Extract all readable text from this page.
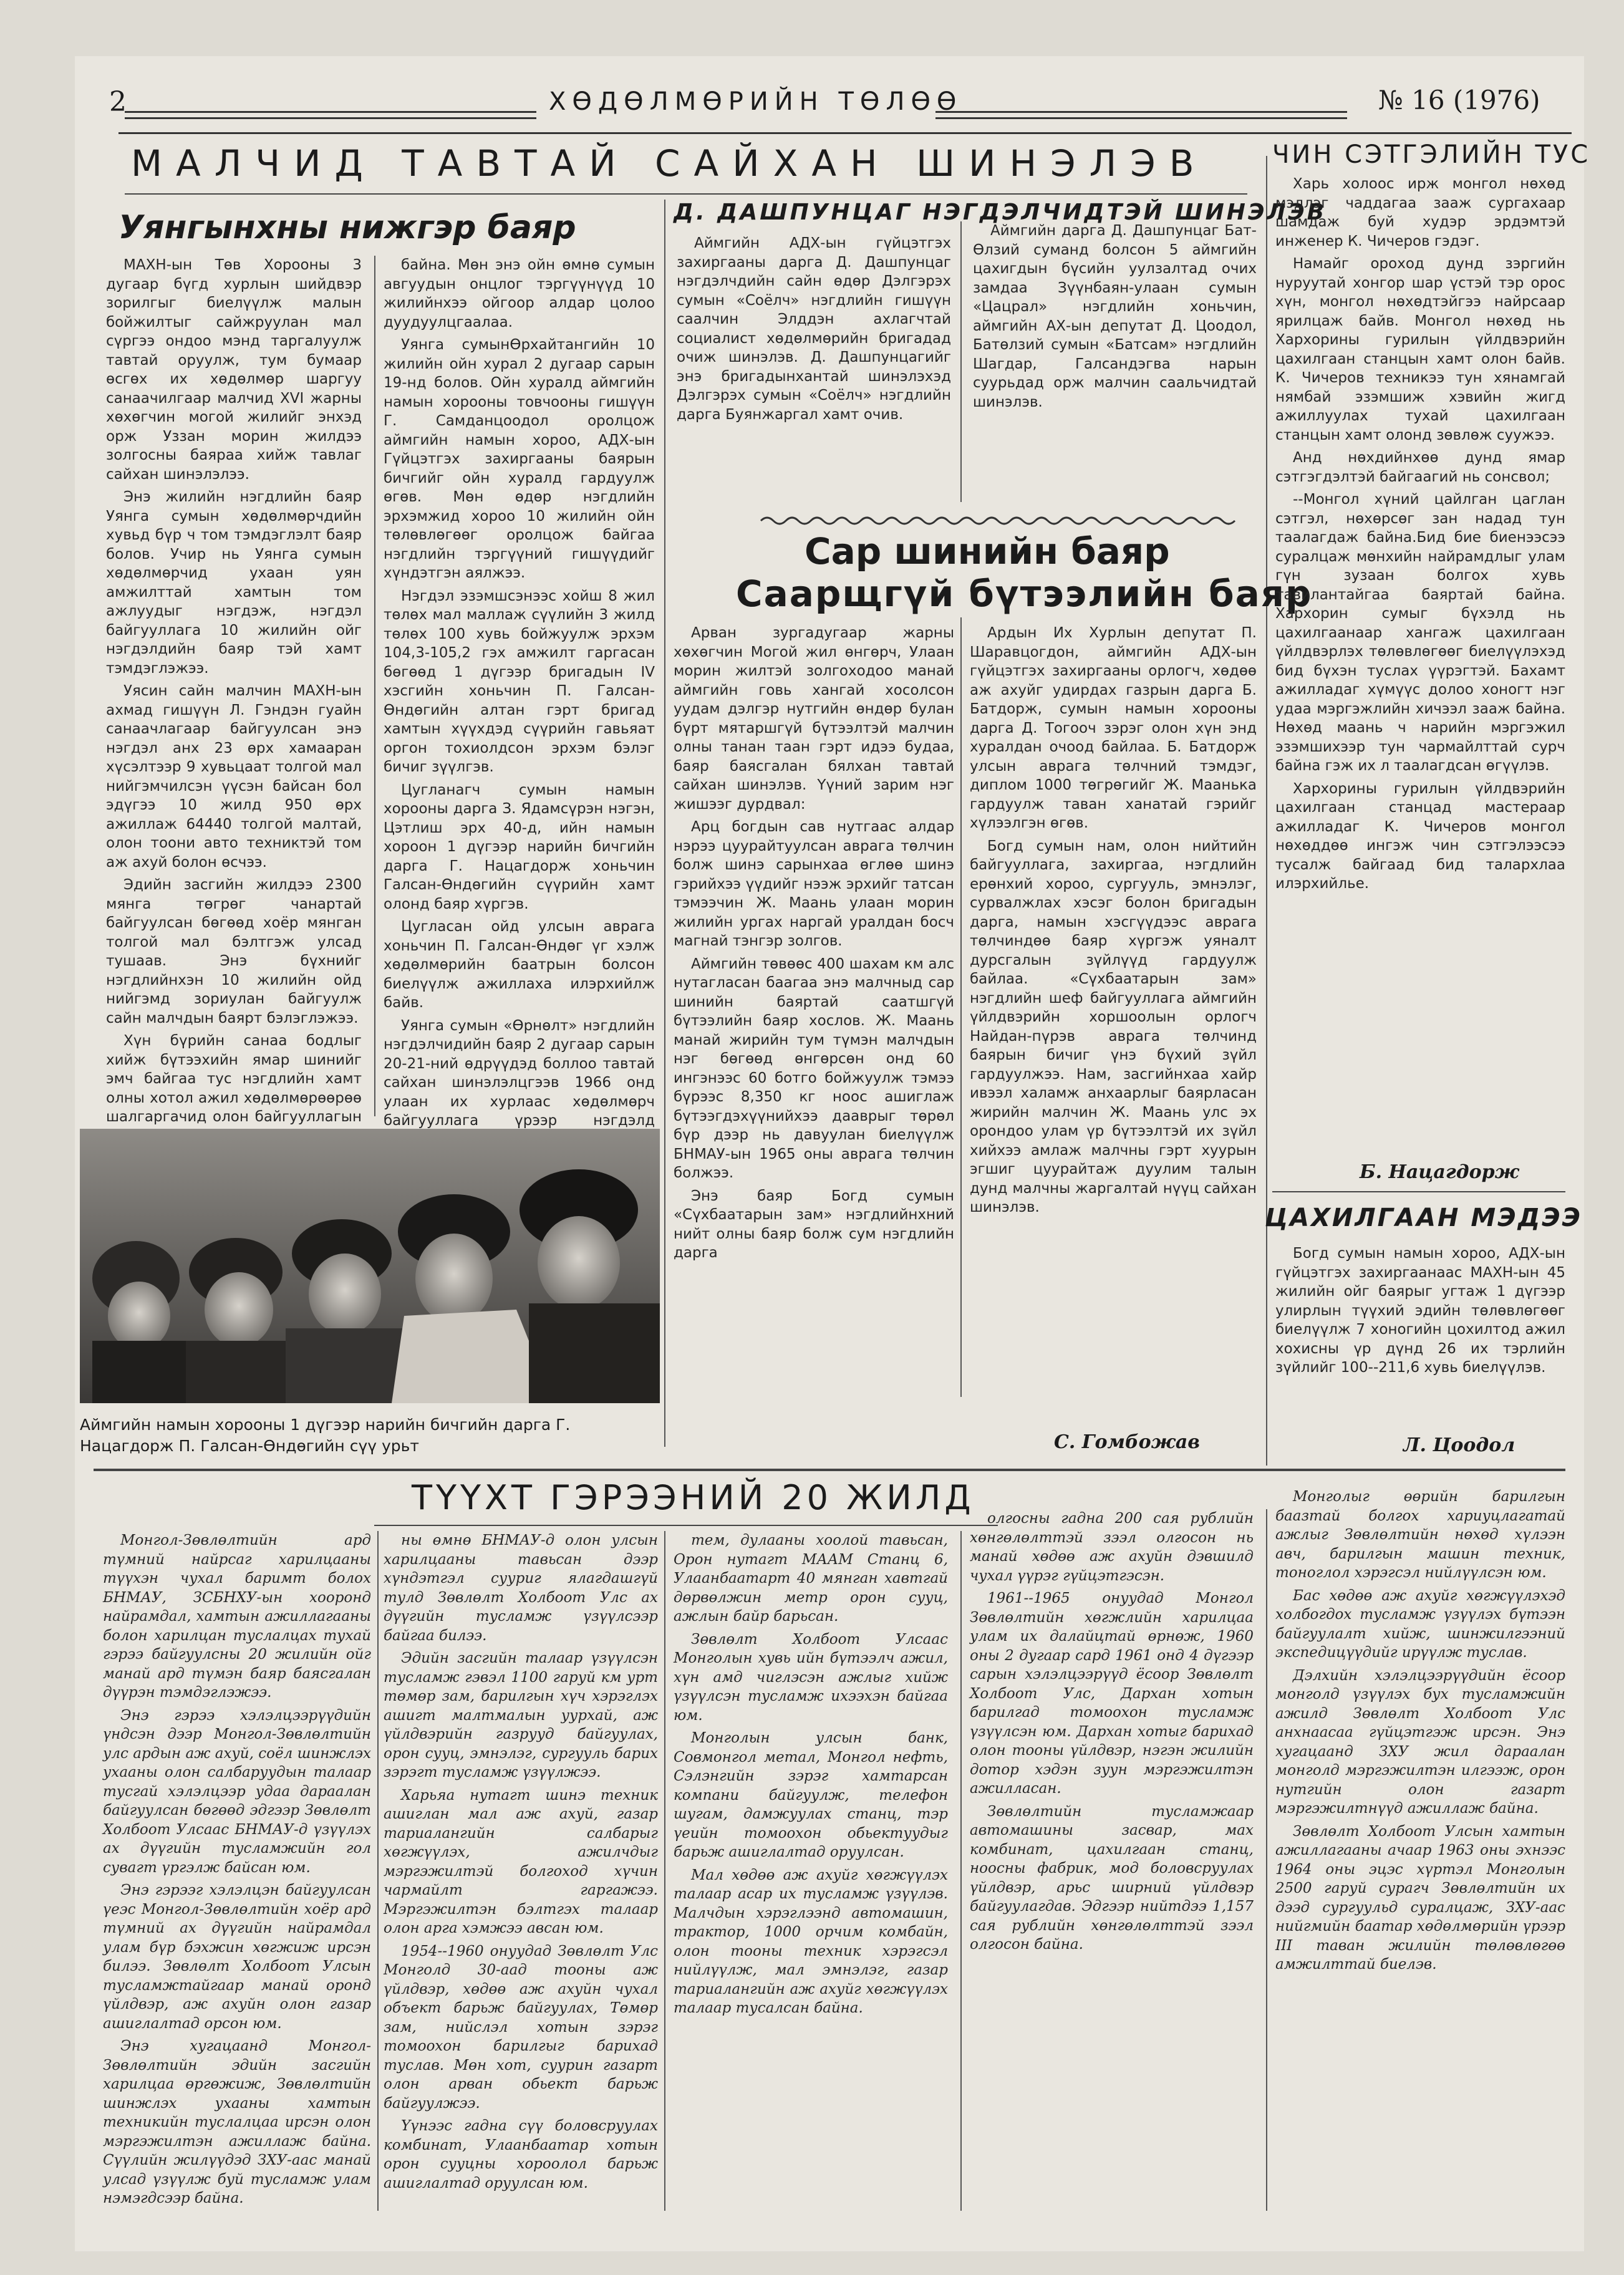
2	ХӨДӨЛМӨРИЙН ТӨЛӨӨ	№ 16 (1976)
МАЛЧИД ТАВТАЙ САЙХАН ШИНЭЛЭВ	ЧИН СЭТГЭЛИЙН ТУС
Уянгынхны нижгэр баяр

МАХН-ын Төв Хорооны 3 дугаар бүгд хурлын шийдвэр зорилгыг биелүүлж малын бойжилтыг сайжруулан мал сүргээ ондоо мэнд таргалуулж тавтай оруулж, тум бумаар өсгөх их хөдөлмөр шаргуу санаачилгаар малчид XVI жарны хөхөгчин могой жилийг энхэд орж Уззан морин жилдээ золгосны баяраа хийж тавлаг сайхан шинэлэлээ.

Энэ жилийн нэгдлийн баяр Уянга сумын хөдөлмөрчдийн хувьд бүр ч том тэмдэглэлт баяр болов. Учир нь Уянга сумын хөдөлмөрчид ухаан уян амжилттай хамтын том ажлуудыг нэгдэж, нэгдэл байгууллага 10 жилийн ойг нэгдэлдийн баяр тэй хамт тэмдэглэжээ.

Уясин сайн малчин МАХН-ын ахмад гишүүн Л. Гэндэн гуайн санаачлагаар байгуулсан энэ нэгдэл анх 23 өрх хамааран хүсэлтээр 9 хувьцаат толгой мал нийгэмчилсэн үүсэн байсан бол эдүгээ 10 жилд 950 өрх ажиллаж 64440 толгой малтай, олон тоони авто техниктэй том аж ахуй болон өсчээ.

Эдийн засгийн жилдээ 2300 мянга төгрөг чанартай байгуулсан бөгөөд хоёр мянган толгой мал бэлтгэж улсад тушаав. Энэ бүхнийг нэгдлийнхэн 10 жилийн ойд нийгэмд зориулан байгуулж сайн малчдын баярт бэлэглэжээ.

Хүн бүрийн санаа бодлыг хийж бүтээхийн ямар шинийг эмч байгаа тус нэгдлийн хамт олны хотол ажил хөдөлмөрөөрөө шалгаргачид олон байгууллагын

байна. Мөн энэ ойн өмнө сумын авгуудын онцлог тэргүүнүүд 10 жилийнхээ ойгоор алдар цолоо дуудуулцгаалаа.

Уянга сумынӨрхайтангийн 10 жилийн ойн хурал 2 дугаар сарын 19-нд болов. Ойн хуралд аймгийн намын хорооны товчооны гишүүн Г. Самданцоодол оролцож аймгийн намын хороо, АДХ-ын Гүйцэтгэх захиргааны баярын бичгийг ойн хуралд гардуулж өгөв. Мөн өдөр нэгдлийн эрхэмжид хороо 10 жилийн ойн төлөвлөгөөг оролцож байгаа нэгдлийн тэргүүний гишүүдийг хүндэтгэн аялжээ.

Нэгдэл эзэмшсэнээс хойш 8 жил төлөх мал маллаж сүүлийн 3 жилд төлөх 100 хувь бойжуулж эрхэм 104,3-105,2 гэх амжилт гаргасан бөгөөд 1 дүгээр бригадын IV хэсгийн хоньчин П. Галсан-Өндөгийн алтан гэрт бригад хамтын хүүхдэд сүүрийн гавьяат оргон тохиолдсон эрхэм бэлэг бичиг зүүлгэв.

Цугланагч сумын намын хорооны дарга З. Ядамсүрэн нэгэн, Цэтлиш эрх 40-д, ийн намын хороон 1 дүгээр нарийн бичгийн дарга Г. Нацагдорж хоньчин Галсан-Өндөгийн сүүрийн хамт олонд баяр хүргэв.

Цугласан ойд улсын аврага хоньчин П. Галсан-Өндөг үг хэлж хөдөлмөрийн баатрын болсон биелүүлж ажиллаха илэрхийлж байв.

Уянга сумын «Өрнөлт» нэгдлийн нэгдэлчидийн баяр 2 дугаар сарын 20-21-ний өдрүүдэд боллоо тавтай сайхан шинэлэлцгээв 1966 онд улаан их хурлаас хөдөлмөрч байгууллага үрээр нэгдэлд

Аймгийн намын хорооны 1 дүгээр нарийн бичгийн дарга Г. Нацагдорж П. Галсан-Өндөгийн сүү урьт
Д. ДАШПУНЦАГ НЭГДЭЛЧИДТЭЙ ШИНЭЛЭВ

Аймгийн АДХ-ын гүйцэтгэх захиргааны дарга Д. Дашпунцаг нэгдэлчдийн сайн өдөр Дэлгэрэх сумын «Соёлч» нэгдлийн гишүүн саалчин Элддэн ахлагчтай социалист хөдөлмөрийн бригадад очиж шинэлэв. Д. Дашпунцагийг энэ бригадынхантай шинэлэхэд Дэлгэрэх сумын «Соёлч» нэгдлийн дарга Буянжаргал хамт очив.

Аймгийн дарга Д. Дашпунцаг Бат-Өлзий суманд болсон 5 аймгийн цахигдын бүсийн уулзалтад очих замдаа Зүүнбаян-улаан сумын «Цацрал» нэгдлийн хоньчин, аймгийн АХ-ын депутат Д. Цоодол, Батөлзий сумын «Батсам» нэгдлийн Шагдар, Галсандэгва нарын суурьдад орж малчин саальчидтай шинэлэв.

Сар шинийн баяр
Саарщгүй бүтээлийн баяр

Арван зургадугаар жарны хөхөгчин Могой жил өнгөрч, Улаан морин жилтэй золгоходоо манай аймгийн говь хангай хосолсон уудам дэлгэр нутгийн өндөр булан бүрт мятаршгүй бүтээлтэй малчин олны танан таан гэрт идээ будаа, баяр баясгалан бялхан тавтай сайхан шинэлэв. Үүний зарим нэг жишээг дурдвал:

Арц богдын сав нутгаас алдар нэрээ цуурайтуулсан аврага төлчин болж шинэ сарынхаа өглөө шинэ гэрийхээ үүдийг нээж эрхийг татсан тэмээчин Ж. Маань улаан морин жилийн ургах наргай уралдан босч магнай тэнгэр золгов.

Аймгийн төвөөс 400 шахам км алс нутагласан баагаа энэ малчныд сар шинийн баяртай саатшгүй бүтээлийн баяр хослов. Ж. Маань манай жирийн тум түмэн малчдын нэг бөгөөд өнгөрсөн онд 60 ингэнээс 60 ботго бойжуулж тэмээ бүрээс 8,350 кг ноос ашиглаж бүтээгдэхүүнийхээ дааврыг төрөл бүр дээр нь давуулан биелүүлж БНМАУ-ын 1965 оны аврага төлчин болжээ.

Энэ баяр Богд сумын «Сүхбаатарын зам» нэгдлийнхний нийт олны баяр болж сум нэгдлийн дарга

Ардын Их Хурлын депутат П. Шаравцогдон, аймгийн АДХ-ын гүйцэтгэх захиргааны орлогч, хөдөө аж ахуйг удирдах газрын дарга Б. Батдорж, сумын намын хорооны дарга Д. Тогооч зэрэг олон хүн энд хуралдан очоод байлаа. Б. Батдорж улсын аврага төлчний тэмдэг, диплом 1000 төгрөгийг Ж. Маанька гардуулж таван ханатай гэрийг хүлээлгэн өгөв.

Богд сумын нам, олон нийтийн байгууллага, захиргаа, нэгдлийн ерөнхий хороо, сургууль, эмнэлэг, сурвалжлах хэсэг болон бригадын дарга, намын хэсгүүдээс аврага төлчиндөө баяр хүргэж уяналт дурсгалын зүйлүүд гардуулж байлаа. «Сүхбаатарын зам» нэгдлийн шеф байгууллага аймгийн үйлдвэрийн хоршоолын орлогч Найдан-пүрэв аврага төлчинд баярын бичиг үнэ бүхий зүйл гардуулжээ. Нам, засгийнхаа хайр ивээл халамж анхаарлыг баярласан жирийн малчин Ж. Маань улс эх орондоо улам үр бүтээлтэй их зүйл хийхээ амлаж малчны гэрт хуурын эгшиг цуурайтаж дуулим талын дунд малчны жаргалтай нүүц сайхан шинэлэв.

С. Гомбожав

Харь холоос ирж монгол нөхөд мэдлэг чаддагаа зааж сургахаар шамдаж буй худэр эрдэмтэй инженер К. Чичеров гэдэг.

Намайг ороход дунд зэргийн нуруутай хонгор шар үстэй тэр орос хүн, монгол нөхөдтэйгээ найрсаар ярилцаж байв. Монгол нөхөд нь Хархорины гурилын үйлдвэрийн цахилгаан станцын хамт олон байв. К. Чичеров техникээ тун хянамгай нямбай эзэмшиж хэвийн жигд ажиллуулах тухай цахилгаан станцын хамт олонд зөвлөж суужээ.

Анд нөхдийнхөө дунд ямар сэтгэгдэлтэй байгаагий нь сонсвол;

--Монгол хүний цайлган цаглан сэтгэл, нөхөрсөг зан надад тун таалагдаж байна.Бид бие биенээсээ суралцаж мөнхийн найрамдлыг улам гүн зузаан болгох хувь тавилантайгаа баяртай байна. Хархорин сумыг бүхэлд нь цахилгаанаар хангаж цахилгаан үйлдвэрлэх төлөвлөгөөг биелүүлэхэд бид бүхэн туслах үүрэгтэй. Бахамт ажилладаг хүмүүс долоо хоногт нэг удаа мэргэжлийн хичээл зааж байна. Нөхөд маань ч нарийн мэргэжил эзэмшихээр тун чармайлттай сурч байна гэж их л таалагдсан өгүүлэв.

Хархорины гурилын үйлдвэрийн цахилгаан станцад мастераар ажилладаг К. Чичеров монгол нөхөддөө ингэж чин сэтгэлээсээ тусалж байгаад бид талархлаа илэрхийлье.

Б. Нацагдорж
ЦАХИЛГААН МЭДЭЭ

Богд сумын намын хороо, АДХ-ын гүйцэтгэх захиргаанаас МАХН-ын 45 жилийн ойг баярыг угтаж 1 дүгээр улирлын түүхий эдийн төлөвлөгөөг биелүүлж 7 хоногийн цохилтод ажил хохисны үр дүнд 26 их тэрлийн зүйлийг 100--211,6 хувь биелүүлэв.

Л. Цоодол
ТҮҮХТ ГЭРЭЭНИЙ 20 ЖИЛД

Монгол-Зөвлөлтийн ард түмний найрсаг харилцааны түүхэн чухал баримт болох БНМАУ, ЗСБНХУ-ын хооронд найрамдал, хамтын ажиллагааны болон харилцан туслалцах тухай гэрээ байгуулсны 20 жилийн ойг манай ард түмэн баяр баясгалан дүүрэн тэмдэглэжээ.

Энэ гэрээ хэлэлцээрүүдийн үндсэн дээр Монгол-Зөвлөлтийн улс ардын аж ахуй, соёл шинжлэх ухааны олон салбаруудын талаар тусгай хэлэлцээр удаа дараалан байгуулсан бөгөөд эдгээр Зөвлөлт Холбоот Улсаас БНМАУ-д үзүүлэх ах дүүгийн тусламжийн гол сувагт үргэлж байсан юм.

Энэ гэрээг хэлэлцэн байгуулсан үеэс Монгол-Зөвлөлтийн хоёр ард түмний ах дүүгийн найрамдал улам бүр бэхжин хөгжиж ирсэн билээ. Зөвлөлт Холбоот Улсын тусламжтайгаар манай оронд үйлдвэр, аж ахуйн олон газар ашиглалтад орсон юм.

Энэ хугацаанд Монгол-Зөвлөлтийн эдийн засгийн харилцаа өргөжиж, Зөвлөлтийн шинжлэх ухааны хамтын техникийн туслалцаа ирсэн олон мэргэжилтэн ажиллаж байна. Сүүлийн жилүүдэд ЗХУ-аас манай улсад үзүүлж буй тусламж улам нэмэгдсээр байна.

ны өмнө БНМАУ-д олон улсын харилцааны тавьсан дээр хүндэтгэл сууриг ялагдашгүй тулд Зөвлөлт Холбоот Улс ах дүүгийн тусламж үзүүлсээр байгаа билээ.

Эдийн засгийн талаар үзүүлсэн тусламж гэвэл 1100 гаруй км урт төмөр зам, барилгын хүч хэрэглэх ашигт малтмалын уурхай, аж үйлдвэрийн газрууд байгуулах, орон сууц, эмнэлэг, сургууль барих зэрэгт тусламж үзүүлжээ.

Харьяа нутагт шинэ техник ашиглан мал аж ахуй, газар тариалангийн салбарыг хөгжүүлэх, ажилчдыг мэргэжилтэй болгоход хүчин чармайлт гаргажээ. Мэргэжилтэн бэлтгэх талаар олон арга хэмжээ авсан юм.

1954--1960 онуудад Зөвлөлт Улс Монголд 30-аад тооны аж үйлдвэр, хөдөө аж ахуйн чухал объект барьж байгуулах, Төмөр зам, нийслэл хотын зэрэг томоохон барилгыг барихад туслав. Мөн хот, суурин газарт олон арван обьект барьж байгуулжээ.

Үүнээс гадна сүү боловсруулах комбинат, Улаанбаатар хотын орон сууцны хороолол барьж ашиглалтад оруулсан юм.

тем, дулааны хоолой тавьсан, Орон нутагт МААМ Станц 6, Улаанбаатарт 40 мянган хавтгай дөрвөлжин метр орон сууц, ажлын байр барьсан.

Зөвлөлт Холбоот Улсаас Монголын хувь ийн бүтээлч ажил, хүн амд чиглэсэн ажлыг хийж үзүүлсэн тусламж ихээхэн байгаа юм.

Монголын улсын банк, Совмонгол метал, Монгол нефть, Сэлэнгийн зэрэг хамтарсан компани байгуулж, телефон шугам, дамжуулах станц, тэр үеийн томоохон обьектуудыг барьж ашиглалтад оруулсан.

Мал хөдөө аж ахуйг хөгжүүлэх талаар асар их тусламж үзүүлэв. Малчдын хэрэглээнд автомашин, трактор, 1000 орчим комбайн, олон тооны техник хэрэгсэл нийлүүлж, мал эмнэлэг, газар тариалангийн аж ахуйг хөгжүүлэх талаар тусалсан байна.

олгосны гадна 200 сая рублийн хөнгөлөлттэй зээл олгосон нь манай хөдөө аж ахуйн дэвшилд чухал үүрэг гүйцэтгэсэн.

1961--1965 онуудад Монгол Зөвлөлтийн хөгжлийн харилцаа улам их далайцтай өрнөж, 1960 оны 2 дугаар сард 1961 онд 4 дүгээр сарын хэлэлцээрүүд ёсоор Зөвлөлт Холбоот Улс, Дархан хотын барилгад томоохон тусламж үзүүлсэн юм. Дархан хотыг барихад олон тооны үйлдвэр, нэгэн жилийн дотор хэдэн зуун мэргэжилтэн ажилласан.

Зөвлөлтийн тусламжаар автомашины засвар, мах комбинат, цахилгаан станц, ноосны фабрик, мод боловсруулах үйлдвэр, арьс ширний үйлдвэр байгуулагдав. Эдгээр нийтдээ 1,157 сая рублийн хөнгөлөлттэй зээл олгосон байна.

Монголыг өөрийн барилгын баазтай болгох хариуцлагатай ажлыг Зөвлөлтийн нөхөд хүлээн авч, барилгын машин техник, тоноглол хэрэгсэл нийлүүлсэн юм.

Бас хөдөө аж ахуйг хөгжүүлэхэд холбогдох тусламж үзүүлэх бүтээн байгуулалт хийж, шинжилгээний экспедицүүдийг ирүүлж туслав.

Дэлхийн хэлэлцээрүүдийн ёсоор монголд үзүүлэх бух тусламжийн ажилд Зөвлөлт Холбоот Улс анхнаасаа гүйцэтгэж ирсэн. Энэ хугацаанд ЗХУ жил дараалан монголд мэргэжилтэн илгээж, орон нутгийн олон газарт мэргэжилтнүүд ажиллаж байна.

Зөвлөлт Холбоот Улсын хамтын ажиллагааны ачаар 1963 оны эхнээс 1964 оны эцэс хүртэл Монголын 2500 гаруй сурагч Зөвлөлтийн их дээд сургуульд суралцаж, ЗХУ-аас нийгмийн баатар хөдөлмөрийн үрээр III таван жилийн төлөвлөгөө амжилттай биелэв.
